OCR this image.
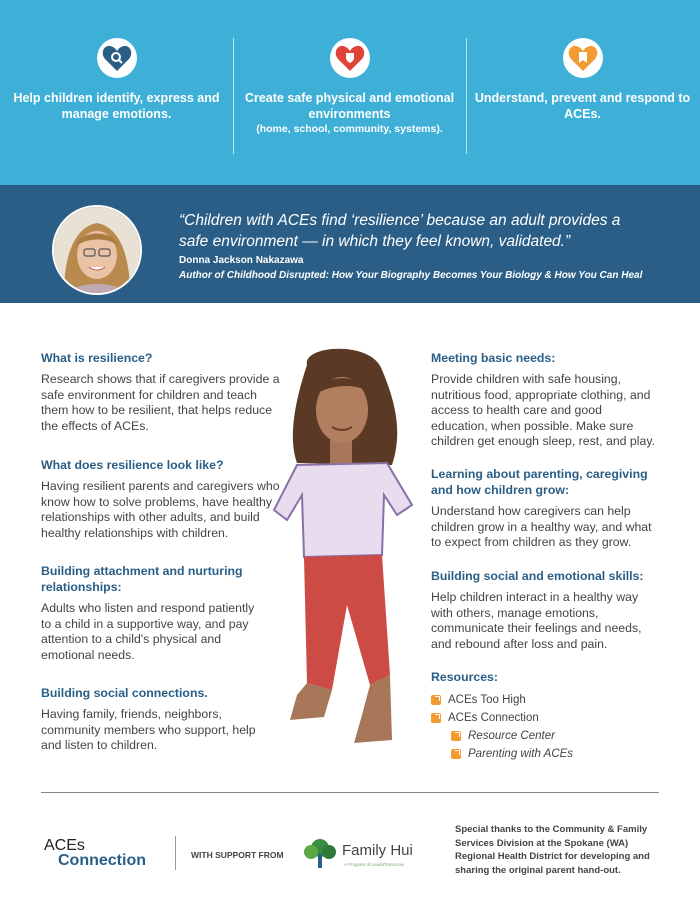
Help children identify, express and manage emotions.
Create safe physical and emotional environments
(home, school, community, systems).
Understand, prevent and respond to ACEs.
“Children with ACEs find ‘resilience’ because an adult provides a safe environment — in which they feel known, validated.”
Donna Jackson Nakazawa
Author of Childhood Disrupted: How Your Biography Becomes Your Biology & How You Can Heal
What is resilience?

Research shows that if caregivers provide a safe environment for children and teach them how to be resilient, that helps reduce the effects of ACEs.

What does resilience look like?

Having resilient parents and caregivers who know how to solve problems, have healthy relationships with other adults, and build healthy relationships with children.

Building attachment and nurturing relationships:

Adults who listen and respond patiently to a child in a supportive way, and pay attention to a child's physical and emotional needs.

Building social connections.

Having family, friends, neighbors, community members who support, help and listen to children.

Meeting basic needs:

Provide children with safe housing, nutritious food, appropriate clothing, and access to health care and good education, when possible. Make sure children get enough sleep, rest, and play.

Learning about parenting, caregiving and how children grow:

Understand how caregivers can help children grow in a healthy way, and what to expect from children as they grow.

Building social and emotional skills:

Help children interact in a healthy way with others, manage emotions, communicate their feelings and needs, and rebound after loss and pain.

Resources:
ACEs Too High
ACEs Connection
Resource Center
Parenting with ACEs
ACEs
Connection	WITH SUPPORT FROM	Family Hui
A Program of Lead4Tomorrow
Special thanks to the Community & Family Services Division at the Spokane (WA) Regional Health District for developing and sharing the original parent hand-out.
